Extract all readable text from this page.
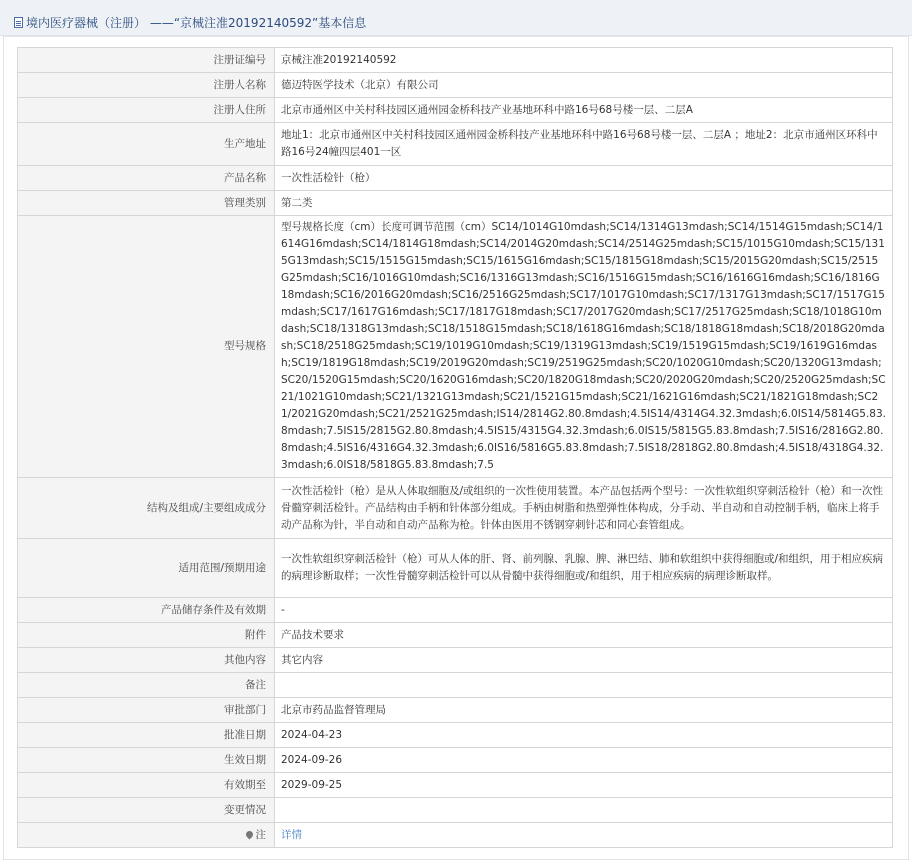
境内医疗器械（注册） ——“京械注准20192140592”基本信息
注册证编号	京械注准20192140592
注册人名称	德迈特医学技术（北京）有限公司
注册人住所	北京市通州区中关村科技园区通州园金桥科技产业基地环科中路16号68号楼一层、二层A
生产地址	地址1：北京市通州区中关村科技园区通州园金桥科技产业基地环科中路16号68号楼一层、二层A ；地址2：北京市通州区环科中路16号24幢四层401一区
产品名称	一次性活检针（枪）
管理类别	第二类
型号规格	型号规格长度（cm）长度可调节范围（cm）SC14/1014G10mdash;SC14/1314G13mdash;SC14/1514G15mdash;SC14/1614G16mdash;SC14/1814G18mdash;SC14/2014G20mdash;SC14/2514G25mdash;SC15/1015G10mdash;SC15/1315G13mdash;SC15/1515G15mdash;SC15/1615G16mdash;SC15/1815G18mdash;SC15/2015G20mdash;SC15/2515G25mdash;SC16/1016G10mdash;SC16/1316G13mdash;SC16/1516G15mdash;SC16/1616G16mdash;SC16/1816G18mdash;SC16/2016G20mdash;SC16/2516G25mdash;SC17/1017G10mdash;SC17/1317G13mdash;SC17/1517G15mdash;SC17/1617G16mdash;SC17/1817G18mdash;SC17/2017G20mdash;SC17/2517G25mdash;SC18/1018G10mdash;SC18/1318G13mdash;SC18/1518G15mdash;SC18/1618G16mdash;SC18/1818G18mdash;SC18/2018G20mdash;SC18/2518G25mdash;SC19/1019G10mdash;SC19/1319G13mdash;SC19/1519G15mdash;SC19/1619G16mdash;SC19/1819G18mdash;SC19/2019G20mdash;SC19/2519G25mdash;SC20/1020G10mdash;SC20/1320G13mdash;SC20/1520G15mdash;SC20/1620G16mdash;SC20/1820G18mdash;SC20/2020G20mdash;SC20/2520G25mdash;SC21/1021G10mdash;SC21/1321G13mdash;SC21/1521G15mdash;SC21/1621G16mdash;SC21/1821G18mdash;SC21/2021G20mdash;SC21/2521G25mdash;IS14/2814G2.80.8mdash;4.5IS14/4314G4.32.3mdash;6.0IS14/5814G5.83.8mdash;7.5IS15/2815G2.80.8mdash;4.5IS15/4315G4.32.3mdash;6.0IS15/5815G5.83.8mdash;7.5IS16/2816G2.80.8mdash;4.5IS16/4316G4.32.3mdash;6.0IS16/5816G5.83.8mdash;7.5IS18/2818G2.80.8mdash;4.5IS18/4318G4.32.3mdash;6.0IS18/5818G5.83.8mdash;7.5
结构及组成/主要组成成分	一次性活检针（枪）是从人体取细胞及/或组织的一次性使用装置。本产品包括两个型号：一次性软组织穿刺活检针（枪）和一次性骨髓穿刺活检针。产品结构由手柄和针体部分组成。手柄由树脂和热塑弹性体构成，分手动、半自动和自动控制手柄，临床上将手动产品称为针，半自动和自动产品称为枪。针体由医用不锈钢穿刺针芯和同心套管组成。
适用范围/预期用途	一次性软组织穿刺活检针（枪）可从人体的肝、肾、前列腺、乳腺、脾、淋巴结、肺和软组织中获得细胞或/和组织，用于相应疾病的病理诊断取样；一次性骨髓穿刺活检针可以从骨髓中获得细胞或/和组织，用于相应疾病的病理诊断取样。
产品储存条件及有效期	-
附件	产品技术要求
其他内容	其它内容
备注	
审批部门	北京市药品监督管理局
批准日期	2024-04-23
生效日期	2024-09-26
有效期至	2029-09-25
变更情况	
注	详情
